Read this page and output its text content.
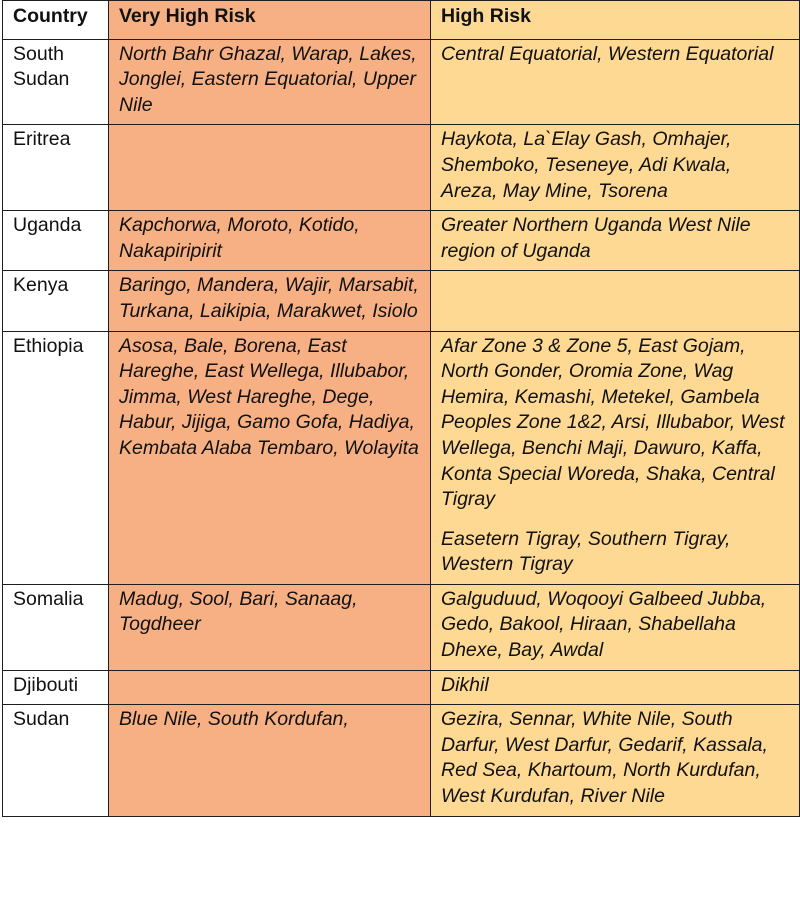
Country	Very High Risk	High Risk
South Sudan	North Bahr Ghazal, Warap, Lakes, Jonglei, Eastern Equatorial, Upper Nile	Central Equatorial, Western Equatorial

Eritrea		Haykota, La`Elay Gash, Omhajer, Shemboko, Teseneye, Adi Kwala, Areza, May Mine, Tsorena

Uganda	Kapchorwa, Moroto, Kotido, Nakapiripirit	Greater Northern Uganda West Nile region of Uganda

Kenya	Baringo, Mandera, Wajir, Marsabit, Turkana, Laikipia, Marakwet, Isiolo	

Ethiopia	Asosa, Bale, Borena, East Hareghe, East Wellega, Illubabor, Jimma, West Hareghe, Dege, Habur, Jijiga, Gamo Gofa, Hadiya, Kembata Alaba Tembaro, Wolayita	Afar Zone 3 & Zone 5, East Gojam, North Gonder, Oromia Zone, Wag Hemira, Kemashi, Metekel, Gambela Peoples Zone 1&2, Arsi, Illubabor, West Wellega, Benchi Maji, Dawuro, Kaffa, Konta Special Woreda, Shaka, Central Tigray
Easetern Tigray, Southern Tigray, Western Tigray

Somalia	Madug, Sool, Bari, Sanaag, Togdheer	Galguduud, Woqooyi Galbeed Jubba, Gedo, Bakool, Hiraan, Shabellaha Dhexe, Bay, Awdal

Djibouti		Dikhil

Sudan	Blue Nile, South Kordufan,	Gezira, Sennar, White Nile, South Darfur, West Darfur, Gedarif, Kassala, Red Sea, Khartoum, North Kurdufan, West Kurdufan, River Nile
